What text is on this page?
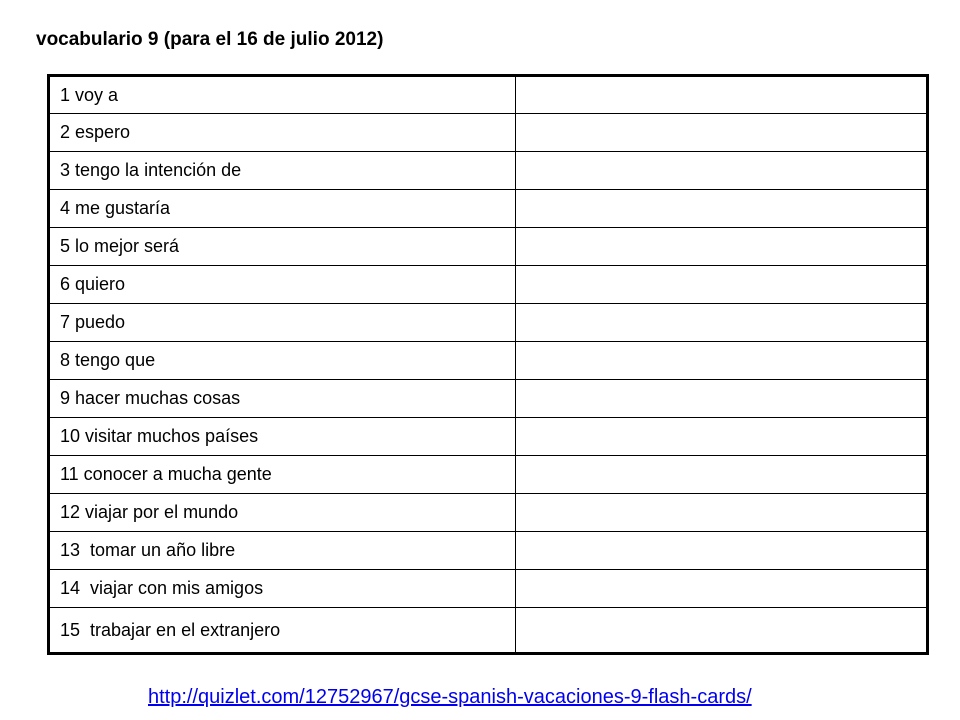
vocabulario 9 (para el 16 de julio 2012)
1 voy a	
2 espero	
3 tengo la intención de	
4 me gustaría	
5 lo mejor será	
6 quiero	
7 puedo	
8 tengo que	
9 hacer muchas cosas	
10 visitar muchos países	
11 conocer a mucha gente	
12 viajar por el mundo	
13  tomar un año libre	
14  viajar con mis amigos	
15  trabajar en el extranjero	
http://quizlet.com/12752967/gcse-spanish-vacaciones-9-flash-cards/
